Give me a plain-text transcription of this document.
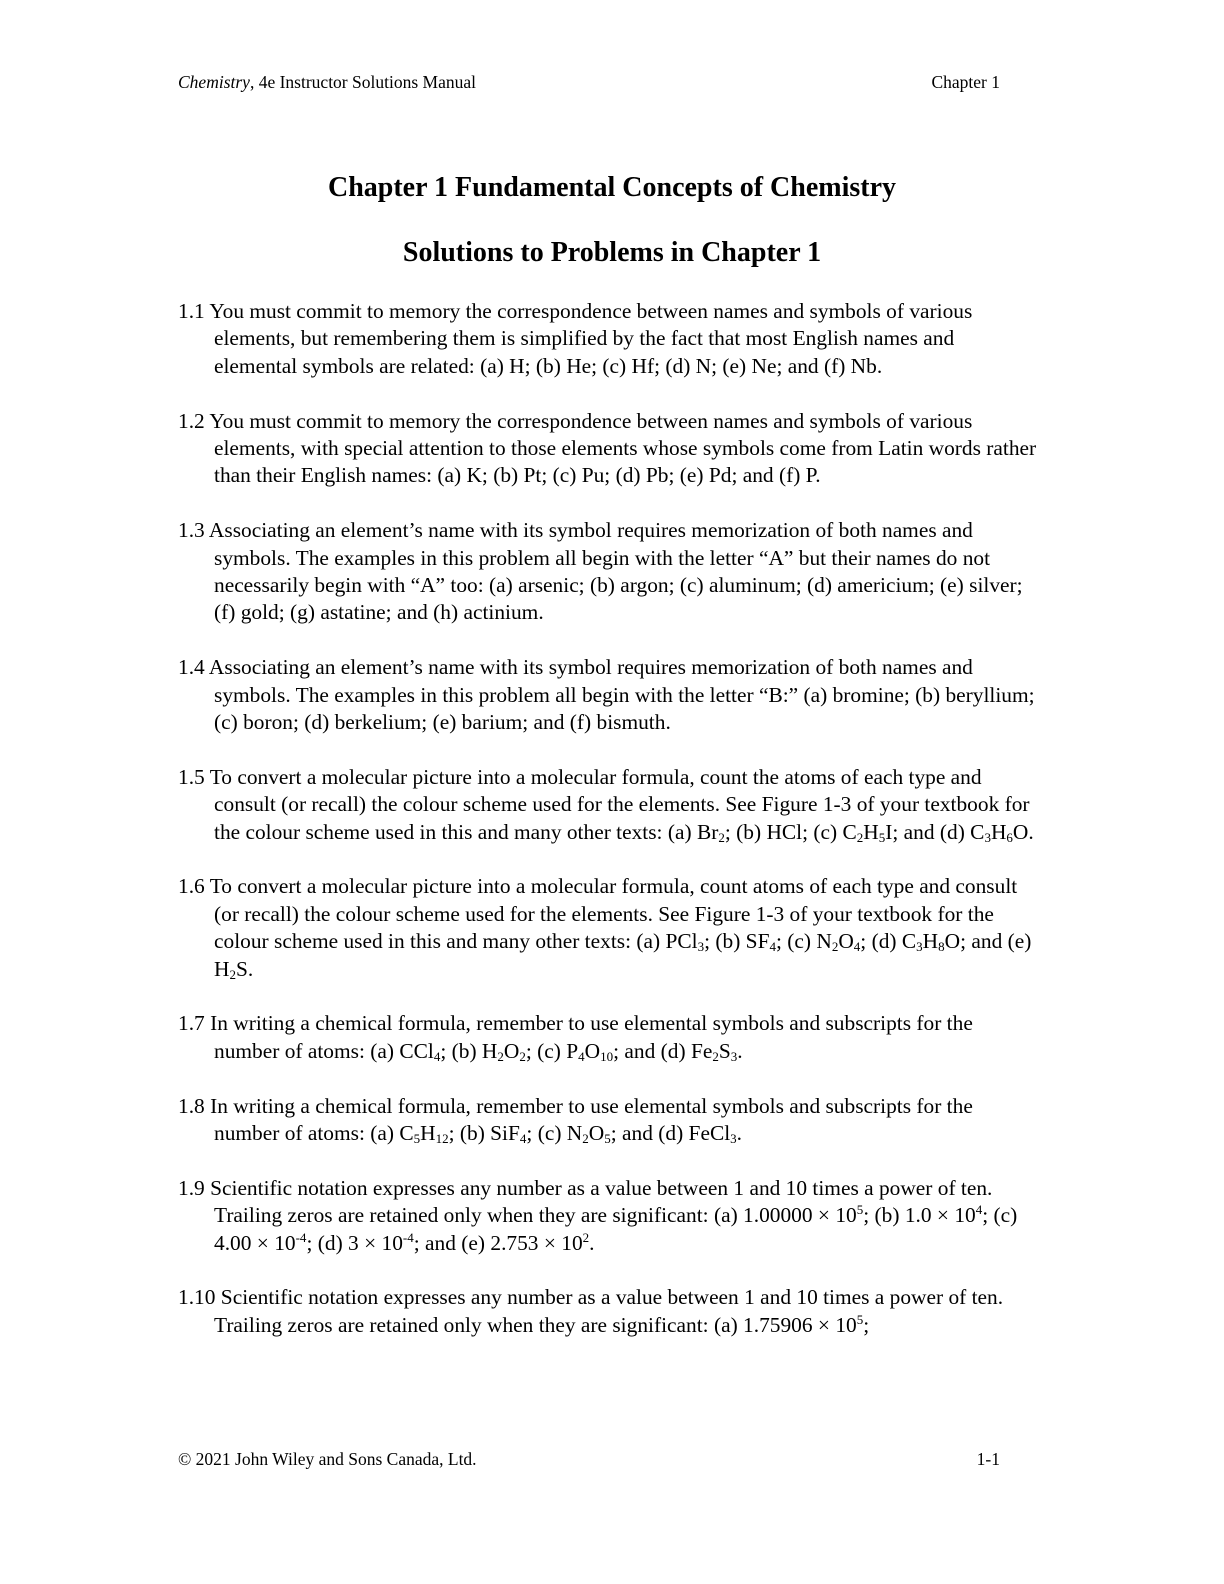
Chemistry, 4e Instructor Solutions Manual	Chapter 1
Chapter 1 Fundamental Concepts of Chemistry
Solutions to Problems in Chapter 1

1.1 You must commit to memory the correspondence between names and symbols of various elements, but remembering them is simplified by the fact that most English names and elemental symbols are related: (a) H; (b) He; (c) Hf; (d) N; (e) Ne; and (f) Nb.

1.2 You must commit to memory the correspondence between names and symbols of various elements, with special attention to those elements whose symbols come from Latin words rather than their English names: (a) K; (b) Pt; (c) Pu; (d) Pb; (e) Pd; and (f) P.

1.3 Associating an element’s name with its symbol requires memorization of both names and symbols. The examples in this problem all begin with the letter “A” but their names do not necessarily begin with “A” too: (a) arsenic; (b) argon; (c) aluminum; (d) americium; (e) silver; (f) gold; (g) astatine; and (h) actinium.

1.4 Associating an element’s name with its symbol requires memorization of both names and symbols. The examples in this problem all begin with the letter “B:” (a) bromine; (b) beryllium; (c) boron; (d) berkelium; (e) barium; and (f) bismuth.

1.5 To convert a molecular picture into a molecular formula, count the atoms of each type and consult (or recall) the colour scheme used for the elements. See Figure 1-3 of your textbook for the colour scheme used in this and many other texts: (a) $Br_2$; (b) HCl; (c) $C_2H_5I$; and (d) $C_3H_6O$.

1.6 To convert a molecular picture into a molecular formula, count atoms of each type and consult (or recall) the colour scheme used for the elements. See Figure 1-3 of your textbook for the colour scheme used in this and many other texts: (a) PCl$_3$; (b) $SF_4$; (c) $N_2O_4$; (d) $C_3H_8O$; and (e) $H_2S$.

1.7 In writing a chemical formula, remember to use elemental symbols and subscripts for the number of atoms: (a) CCl$_4$; (b) $H_2O_2$; (c) $P_4O_{10}$; and (d) $Fe_2S_3$.

1.8 In writing a chemical formula, remember to use elemental symbols and subscripts for the number of atoms: (a) $C_5H_{12}$; (b) SiF$_4$; (c) $N_2O_5$; and (d) FeCl$_3$.

1.9 Scientific notation expresses any number as a value between 1 and 10 times a power of ten. Trailing zeros are retained only when they are significant: (a) $1.00000 \times 10^5$; (b) $1.0 \times 10^4$; (c) $4.00 \times 10^{-4}$; (d) $3 \times 10^{-4}$; and (e) $2.753 \times 10^2$.

1.10 Scientific notation expresses any number as a value between 1 and 10 times a power of ten. Trailing zeros are retained only when they are significant: (a) $1.75906 \times 10^5$;

© 2021 John Wiley and Sons Canada, Ltd.	1-1
